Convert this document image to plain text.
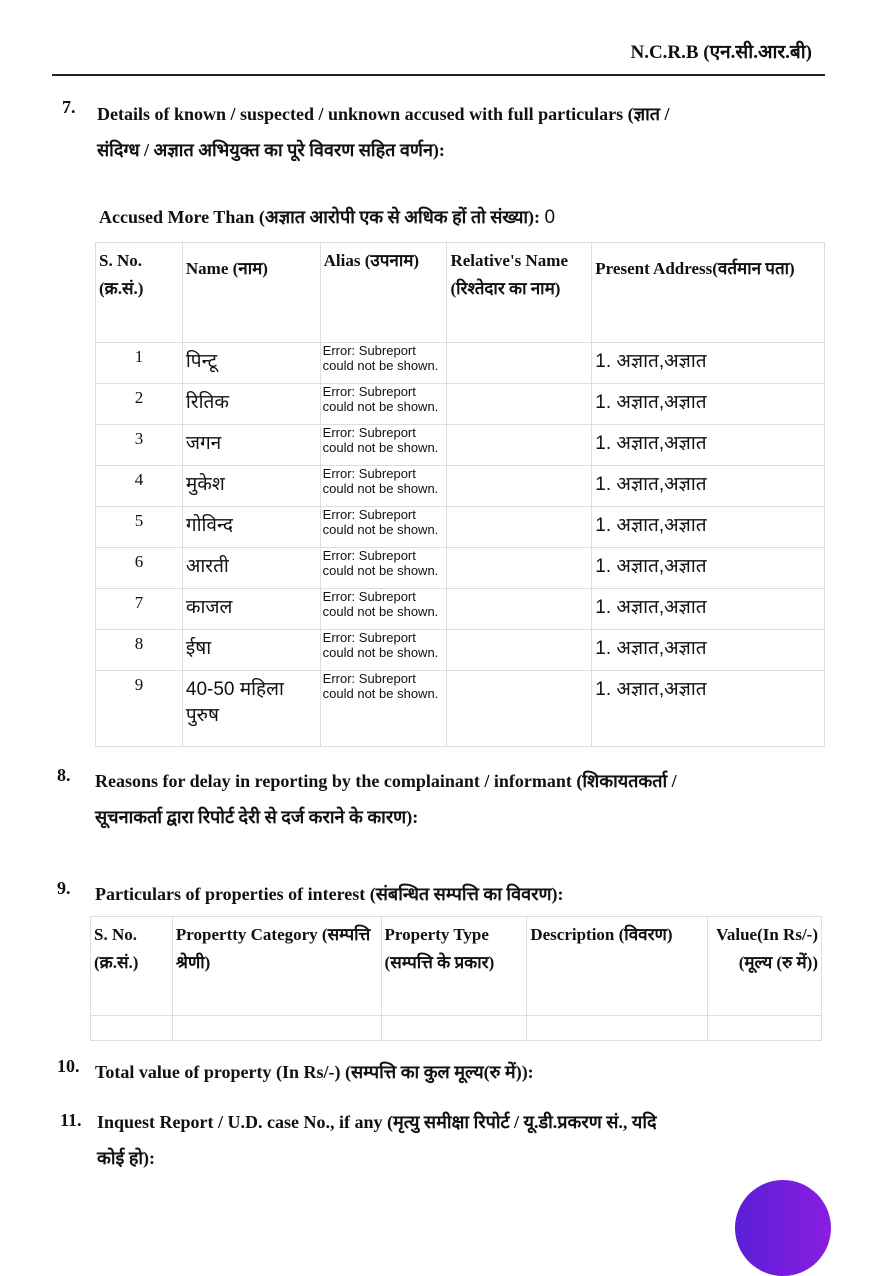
N.C.R.B (एन.सी.आर.बी)
7. Details of known / suspected / unknown accused with full particulars (ज्ञात /
संदिग्ध / अज्ञात अभियुक्त का पूरे विवरण सहित वर्णन):
Accused More Than (अज्ञात आरोपी एक से अधिक हों तो संख्या): 0
S. No. (क्र.सं.)	Name (नाम)	Alias (उपनाम)	Relative's Name (रिश्तेदार का नाम)	Present Address(वर्तमान पता)
1	पिन्टू	Error: Subreport could not be shown.		1. अज्ञात,अज्ञात
2	रितिक	Error: Subreport could not be shown.		1. अज्ञात,अज्ञात
3	जगन	Error: Subreport could not be shown.		1. अज्ञात,अज्ञात
4	मुकेश	Error: Subreport could not be shown.		1. अज्ञात,अज्ञात
5	गोविन्द	Error: Subreport could not be shown.		1. अज्ञात,अज्ञात
6	आरती	Error: Subreport could not be shown.		1. अज्ञात,अज्ञात
7	काजल	Error: Subreport could not be shown.		1. अज्ञात,अज्ञात
8	ईषा	Error: Subreport could not be shown.		1. अज्ञात,अज्ञात
9	40-50 महिला पुरुष	Error: Subreport could not be shown.		1. अज्ञात,अज्ञात
8. Reasons for delay in reporting by the complainant / informant (शिकायतकर्ता /
सूचनाकर्ता द्वारा रिपोर्ट देरी से दर्ज कराने के कारण):
9. Particulars of properties of interest (संबन्धित सम्पत्ति का विवरण):
S. No. (क्र.सं.)	Propertty Category (सम्पत्ति श्रेणी)	Property Type (सम्पत्ति के प्रकार)	Description (विवरण)	Value(In Rs/-) (मूल्य (रु में))

10. Total value of property (In Rs/-) (सम्पत्ति का कुल मूल्य(रु में)):
11. Inquest Report / U.D. case No., if any (मृत्यु समीक्षा रिपोर्ट / यू.डी.प्रकरण सं., यदि
कोई हो):
